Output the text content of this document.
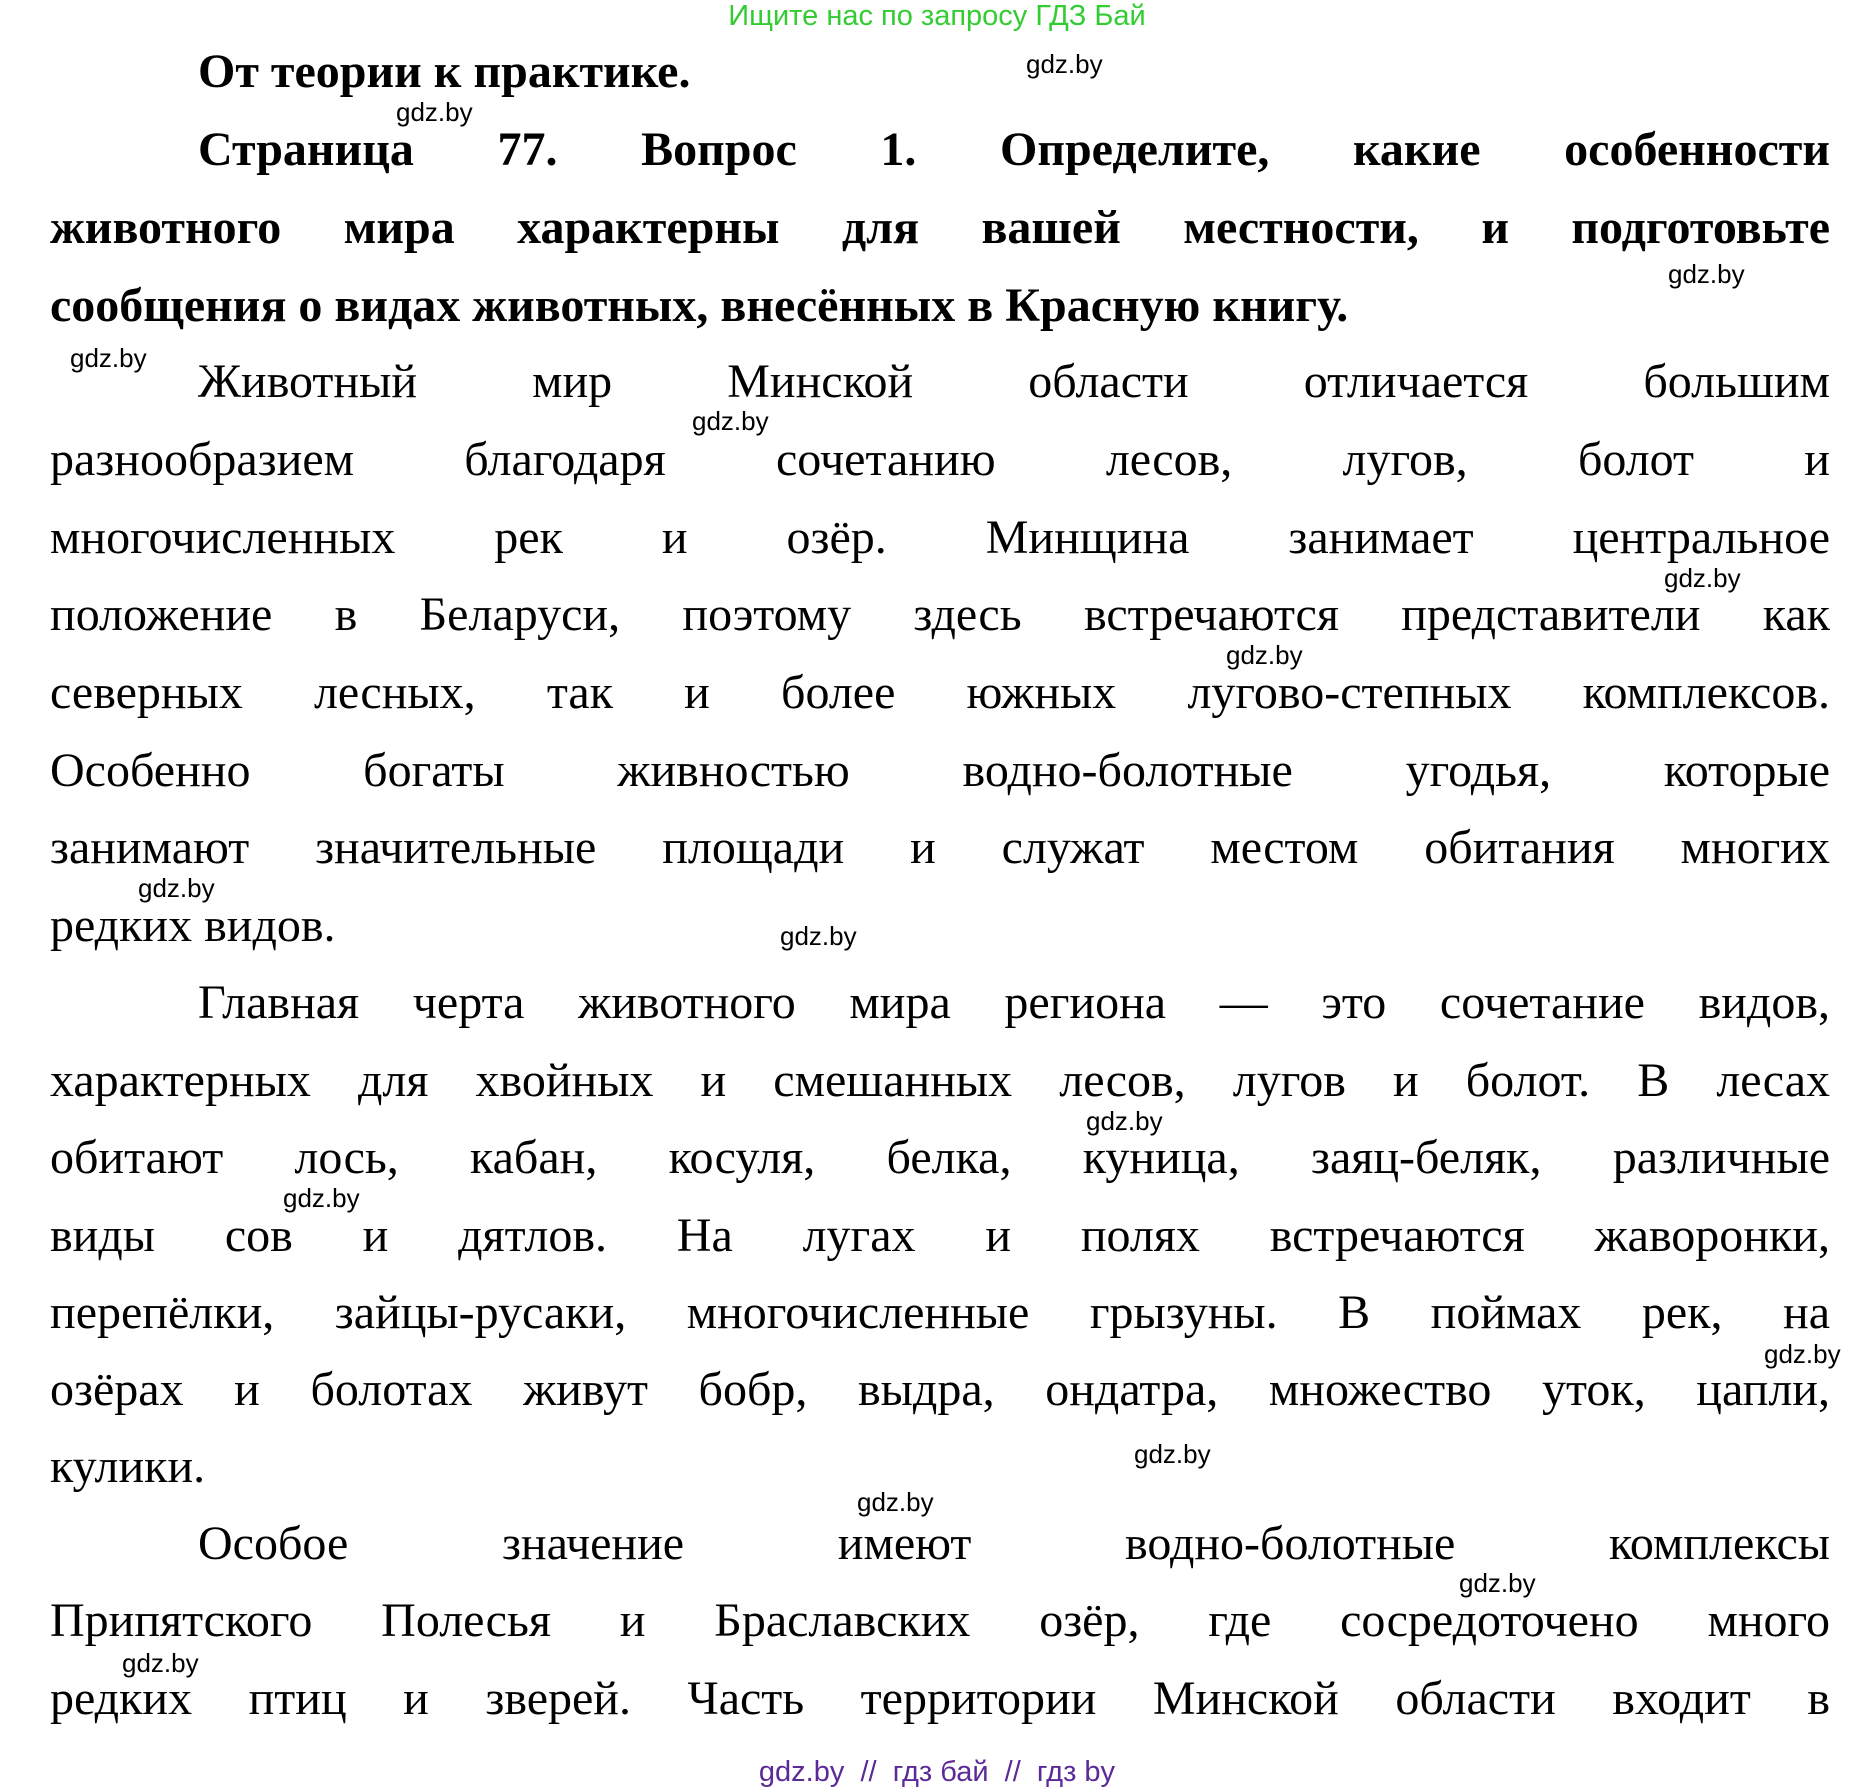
Ищите нас по запросу ГДЗ Бай
От теории к практике.
Страница 77. Вопрос 1. Определите, какие особенности
животного мира характерны для вашей местности, и подготовьте
сообщения о видах животных, внесённых в Красную книгу.
Животный мир Минской области отличается большим
разнообразием благодаря сочетанию лесов, лугов, болот и
многочисленных рек и озёр. Минщина занимает центральное
положение в Беларуси, поэтому здесь встречаются представители как
северных лесных, так и более южных лугово-степных комплексов.
Особенно богаты живностью водно-болотные угодья, которые
занимают значительные площади и служат местом обитания многих
редких видов.
Главная черта животного мира региона — это сочетание видов,
характерных для хвойных и смешанных лесов, лугов и болот. В лесах
обитают лось, кабан, косуля, белка, куница, заяц-беляк, различные
виды сов и дятлов. На лугах и полях встречаются жаворонки,
перепёлки, зайцы-русаки, многочисленные грызуны. В поймах рек, на
озёрах и болотах живут бобр, выдра, ондатра, множество уток, цапли,
кулики.
Особое значение имеют водно-болотные комплексы
Припятского Полесья и Браславских озёр, где сосредоточено много
редких птиц и зверей. Часть территории Минской области входит в
gdz.by
gdz.by
gdz.by
gdz.by
gdz.by
gdz.by
gdz.by
gdz.by
gdz.by
gdz.by
gdz.by
gdz.by
gdz.by
gdz.by
gdz.by
gdz.by
gdz.by  //  гдз бай  //  гдз by
